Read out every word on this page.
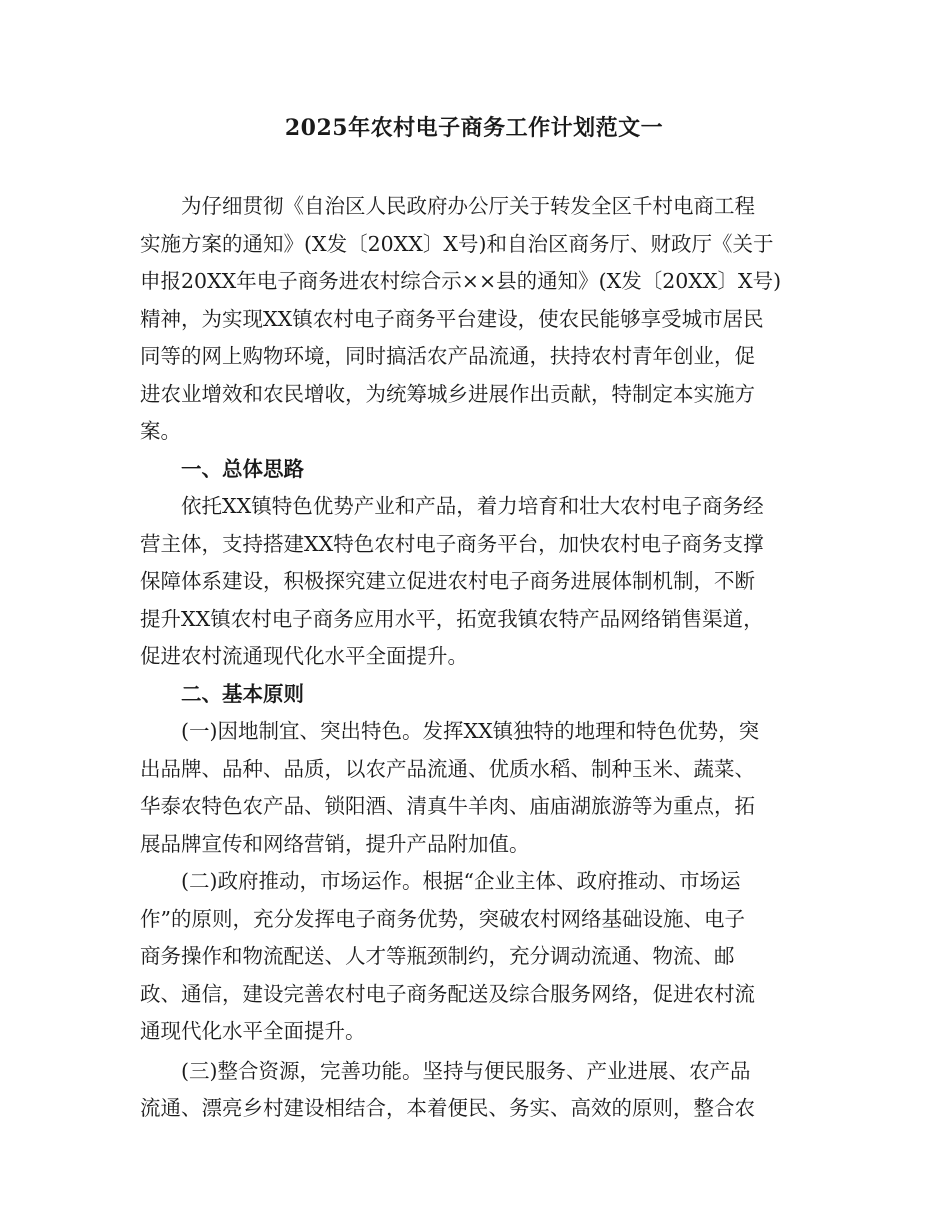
2025年农村电子商务工作计划范文一

为仔细贯彻《自治区人民政府办公厅关于转发全区千村电商工程
实施方案的通知》(X发〔20XX〕X号)和自治区商务厅、财政厅《关于
申报20XX年电子商务进农村综合示××县的通知》(X发〔20XX〕X号)
精神，为实现XX镇农村电子商务平台建设，使农民能够享受城市居民
同等的网上购物环境，同时搞活农产品流通，扶持农村青年创业，促
进农业增效和农民增收，为统筹城乡进展作出贡献，特制定本实施方
案。

一、总体思路

依托XX镇特色优势产业和产品，着力培育和壮大农村电子商务经
营主体，支持搭建XX特色农村电子商务平台，加快农村电子商务支撑
保障体系建设，积极探究建立促进农村电子商务进展体制机制，不断
提升XX镇农村电子商务应用水平，拓宽我镇农特产品网络销售渠道，
促进农村流通现代化水平全面提升。

二、基本原则

(一)因地制宜、突出特色。发挥XX镇独特的地理和特色优势，突
出品牌、品种、品质，以农产品流通、优质水稻、制种玉米、蔬菜、
华泰农特色农产品、锁阳酒、清真牛羊肉、庙庙湖旅游等为重点，拓
展品牌宣传和网络营销，提升产品附加值。

(二)政府推动，市场运作。根据“企业主体、政府推动、市场运
作”的原则，充分发挥电子商务优势，突破农村网络基础设施、电子
商务操作和物流配送、人才等瓶颈制约，充分调动流通、物流、邮
政、通信，建设完善农村电子商务配送及综合服务网络，促进农村流
通现代化水平全面提升。

(三)整合资源，完善功能。坚持与便民服务、产业进展、农产品
流通、漂亮乡村建设相结合，本着便民、务实、高效的原则，整合农
